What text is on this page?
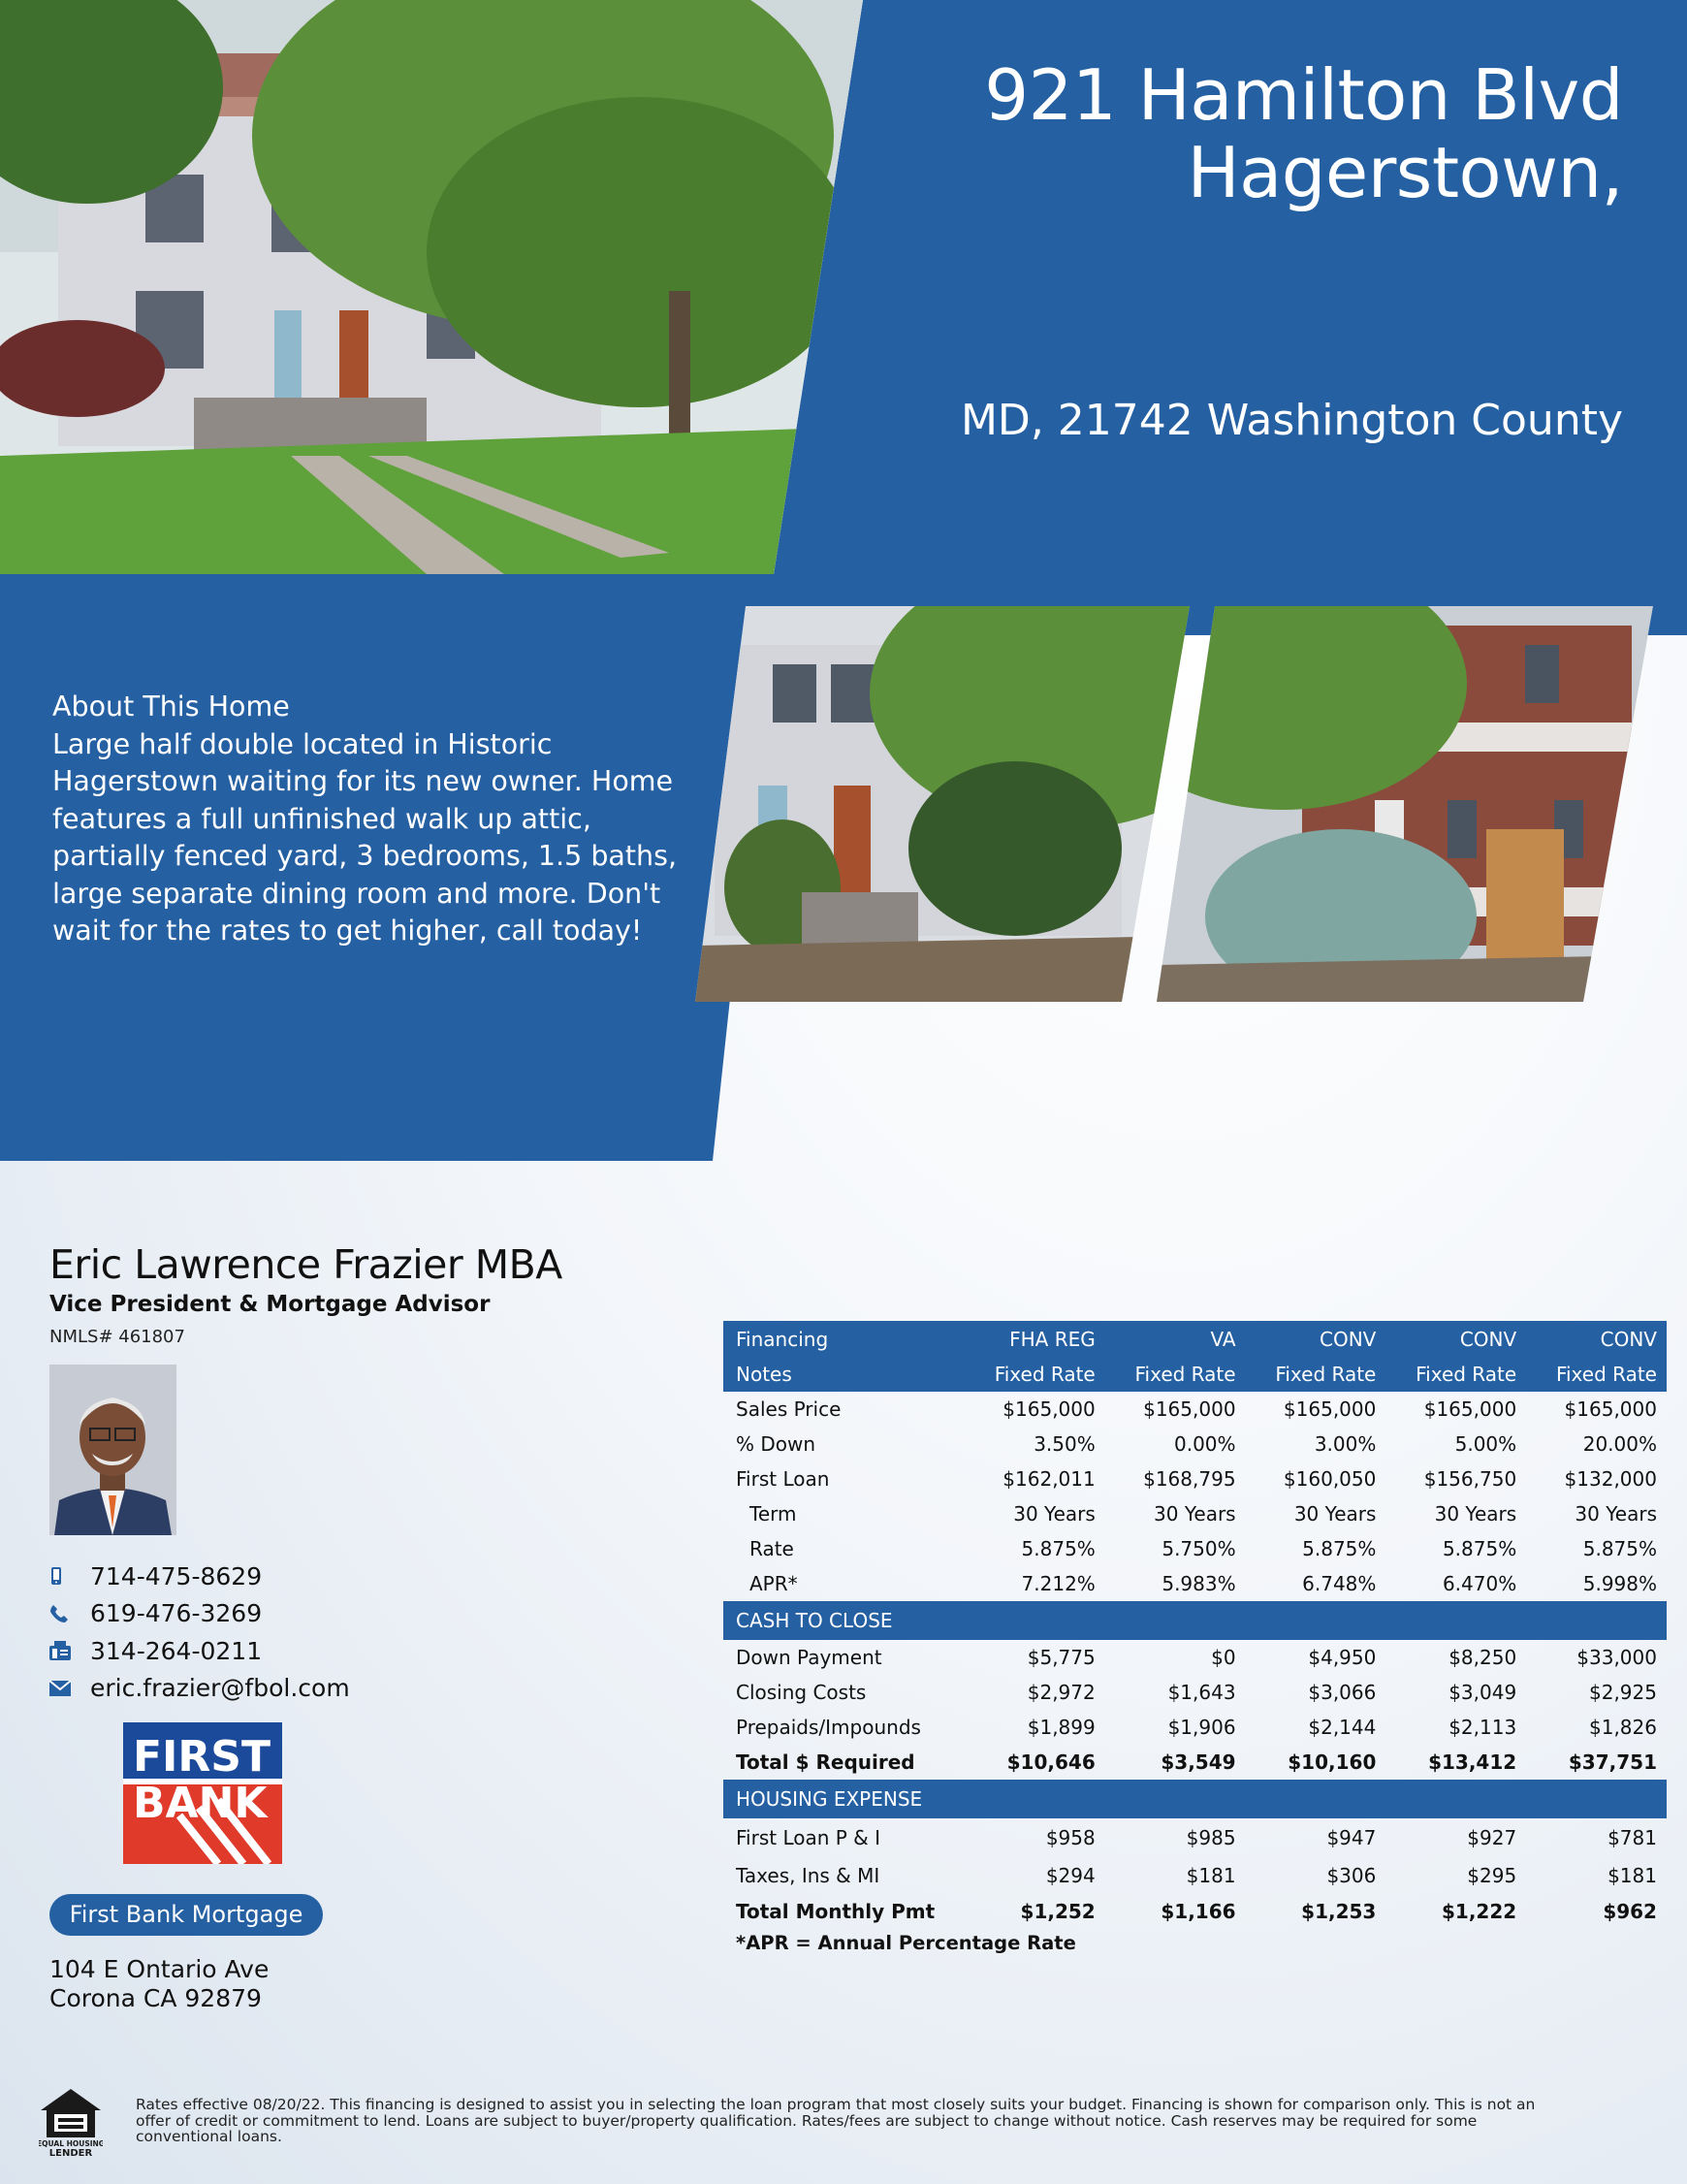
921 Hamilton Blvd
Hagerstown,
MD, 21742 Washington County
About This Home
Large half double located in Historic Hagerstown waiting for its new owner. Home features a full unfinished walk up attic, partially fenced yard, 3 bedrooms, 1.5 baths, large separate dining room and more. Don't wait for the rates to get higher, call today!
Eric Lawrence Frazier MBA
Vice President & Mortgage Advisor
NMLS# 461807
714-475-8629
619-476-3269
314-264-0211
eric.frazier@fbol.com
FIRST
BANK
First Bank Mortgage
104 E Ontario Ave
Corona CA 92879
Financing	FHA REG	VA	CONV	CONV	CONV
Notes	Fixed Rate	Fixed Rate	Fixed Rate	Fixed Rate	Fixed Rate
Sales Price	$165,000	$165,000	$165,000	$165,000	$165,000
% Down	3.50%	0.00%	3.00%	5.00%	20.00%
First Loan	$162,011	$168,795	$160,050	$156,750	$132,000
Term	30 Years	30 Years	30 Years	30 Years	30 Years
Rate	5.875%	5.750%	5.875%	5.875%	5.875%
APR*	7.212%	5.983%	6.748%	6.470%	5.998%
CASH TO CLOSE
Down Payment	$5,775	$0	$4,950	$8,250	$33,000
Closing Costs	$2,972	$1,643	$3,066	$3,049	$2,925
Prepaids/Impounds	$1,899	$1,906	$2,144	$2,113	$1,826
Total $ Required	$10,646	$3,549	$10,160	$13,412	$37,751
HOUSING EXPENSE
First Loan P & I	$958	$985	$947	$927	$781
Taxes, Ins & MI	$294	$181	$306	$295	$181
Total Monthly Pmt	$1,252	$1,166	$1,253	$1,222	$962
*APR = Annual Percentage Rate
EQUAL HOUSING
LENDER
Rates effective 08/20/22. This financing is designed to assist you in selecting the loan program that most closely suits your budget. Financing is shown for comparison only. This is not an offer of credit or commitment to lend. Loans are subject to buyer/property qualification. Rates/fees are subject to change without notice. Cash reserves may be required for some conventional loans.
